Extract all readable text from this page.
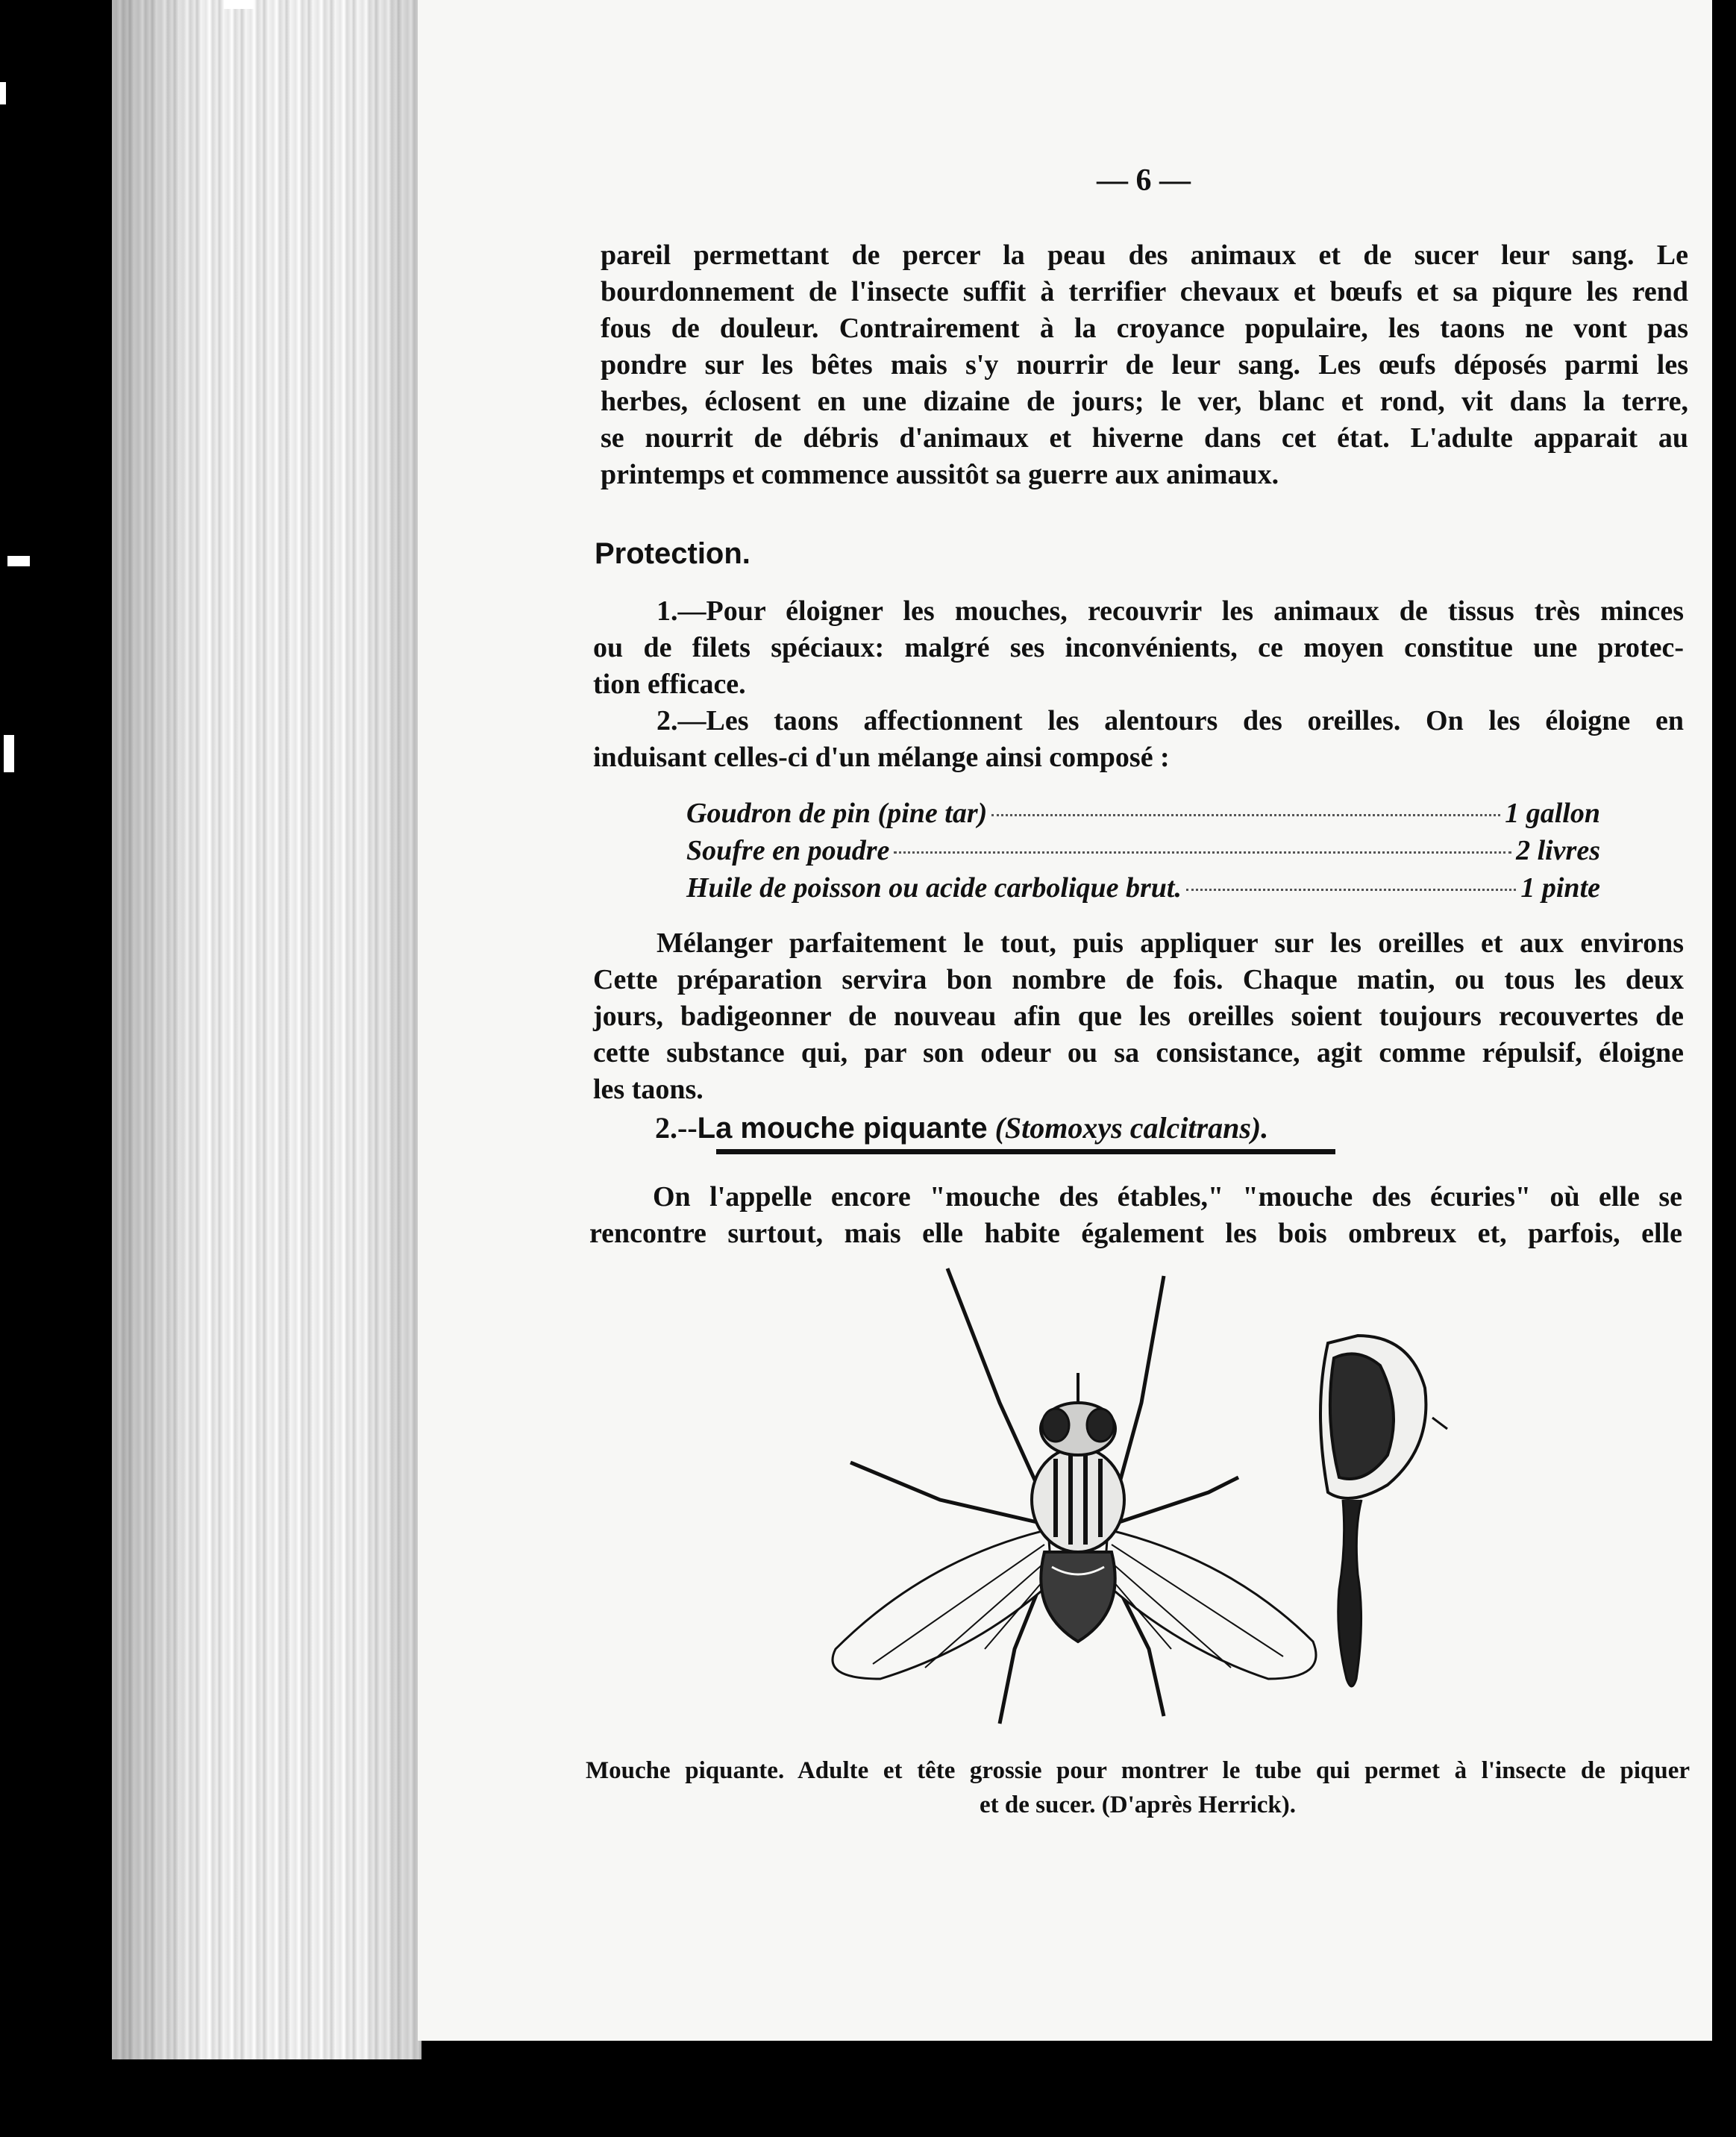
— 6 —
pareil permettant de percer la peau des animaux et de sucer leur sang. Le
bourdonnement de l'insecte suffit à terrifier chevaux et bœufs et sa piqure les rend
fous de douleur. Contrairement à la croyance populaire, les taons ne vont pas
pondre sur les bêtes mais s'y nourrir de leur sang. Les œufs déposés parmi les
herbes, éclosent en une dizaine de jours; le ver, blanc et rond, vit dans la terre,
se nourrit de débris d'animaux et hiverne dans cet état. L'adulte apparait au
printemps et commence aussitôt sa guerre aux animaux.
Protection.
1.—Pour éloigner les mouches, recouvrir les animaux de tissus très minces
ou de filets spéciaux: malgré ses inconvénients, ce moyen constitue une protec-
tion efficace.
2.—Les taons affectionnent les alentours des oreilles. On les éloigne en
induisant celles-ci d'un mélange ainsi composé :
Goudron de pin (pine tar)	1 gallon
Soufre en poudre	2 livres
Huile de poisson ou acide carbolique brut.	1 pinte
Mélanger parfaitement le tout, puis appliquer sur les oreilles et aux environs
Cette préparation servira bon nombre de fois. Chaque matin, ou tous les deux
jours, badigeonner de nouveau afin que les oreilles soient toujours recouvertes de
cette substance qui, par son odeur ou sa consistance, agit comme répulsif, éloigne
les taons.
2.--La mouche piquante (Stomoxys calcitrans).
On l'appelle encore "mouche des étables," "mouche des écuries" où elle se
rencontre surtout, mais elle habite également les bois ombreux et, parfois, elle
Mouche piquante. Adulte et tête grossie pour montrer le tube qui permet à l'insecte de piquer
et de sucer. (D'après Herrick).
